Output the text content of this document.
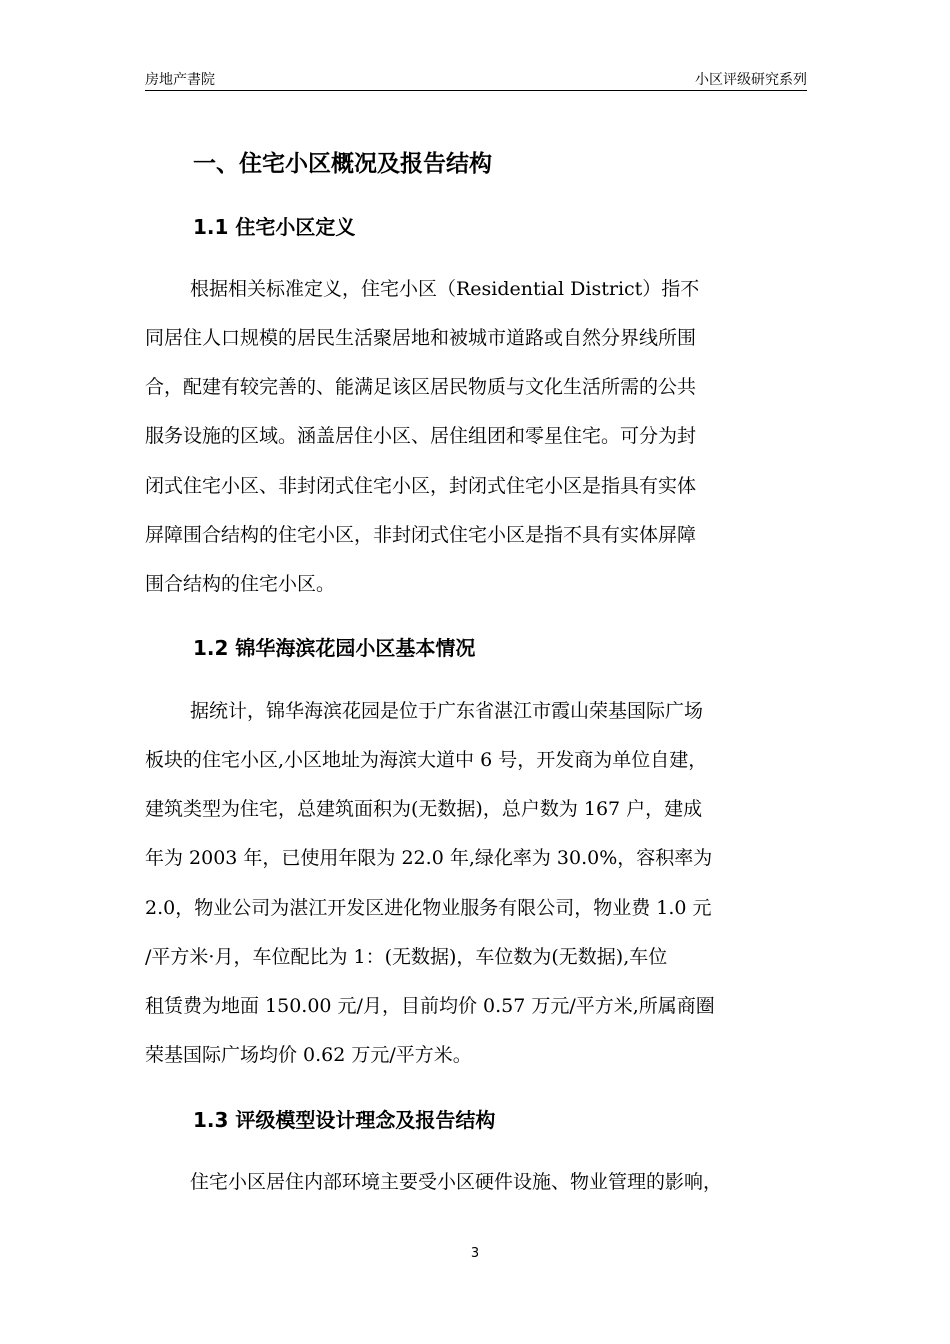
房地产書院	小区评级研究系列
一、住宅小区概况及报告结构
1.1 住宅小区定义
根据相关标准定义，住宅小区（Residential District）指不
同居住人口规模的居民生活聚居地和被城市道路或自然分界线所围
合，配建有较完善的、能满足该区居民物质与文化生活所需的公共
服务设施的区域。涵盖居住小区、居住组团和零星住宅。可分为封
闭式住宅小区、非封闭式住宅小区，封闭式住宅小区是指具有实体
屏障围合结构的住宅小区，非封闭式住宅小区是指不具有实体屏障
围合结构的住宅小区。
1.2 锦华海滨花园小区基本情况
据统计，锦华海滨花园是位于广东省湛江市霞山荣基国际广场
板块的住宅小区,小区地址为海滨大道中 6 号，开发商为单位自建，
建筑类型为住宅，总建筑面积为(无数据)，总户数为 167 户，建成
年为 2003 年，已使用年限为 22.0 年,绿化率为 30.0%，容积率为
2.0，物业公司为湛江开发区进化物业服务有限公司，物业费 1.0 元
/平方米·月，车位配比为 1：(无数据)，车位数为(无数据),车位
租赁费为地面 150.00 元/月，目前均价 0.57 万元/平方米,所属商圈
荣基国际广场均价 0.62 万元/平方米。
1.3 评级模型设计理念及报告结构
住宅小区居住内部环境主要受小区硬件设施、物业管理的影响，
3
